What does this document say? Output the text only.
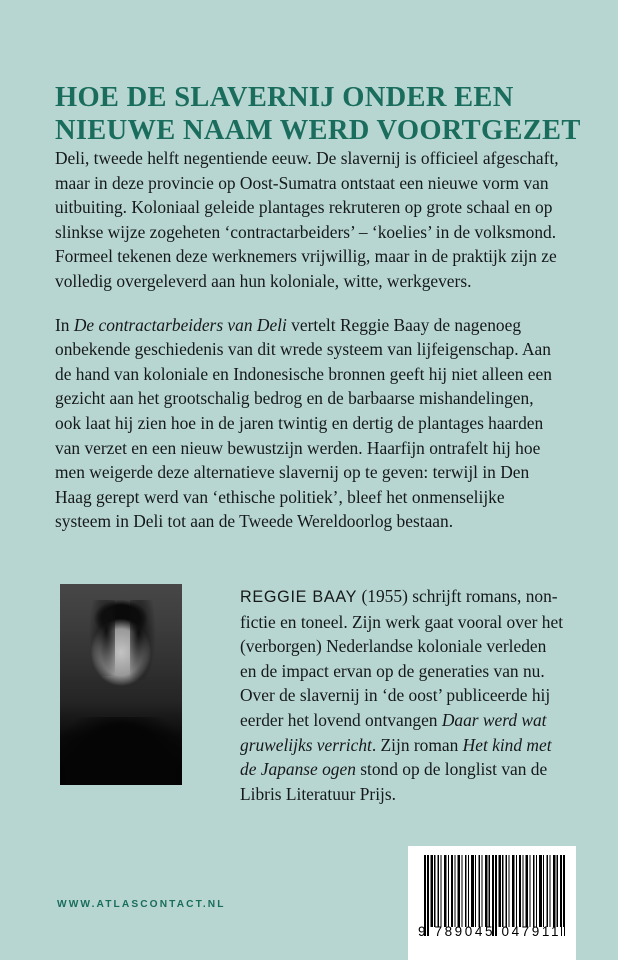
HOE DE SLAVERNIJ ONDER EEN
NIEUWE NAAM WERD VOORTGEZET

Deli, tweede helft negentiende eeuw. De slavernij is officieel afgeschaft, maar in deze provincie op Oost-Sumatra ontstaat een nieuwe vorm van uitbuiting. Koloniaal geleide plantages rekruteren op grote schaal en op slinkse wijze zogeheten ‘contractarbeiders’ – ‘koelies’ in de volksmond. Formeel tekenen deze werknemers vrijwillig, maar in de praktijk zijn ze volledig overgeleverd aan hun koloniale, witte, werkgevers.

In De contractarbeiders van Deli vertelt Reggie Baay de nagenoeg onbekende geschiedenis van dit wrede systeem van lijfeigenschap. Aan de hand van koloniale en Indonesische bronnen geeft hij niet alleen een gezicht aan het grootschalig bedrog en de barbaarse mishandelingen, ook laat hij zien hoe in de jaren twintig en dertig de plantages haarden van verzet en een nieuw bewustzijn werden. Haarfijn ontrafelt hij hoe men weigerde deze alternatieve slavernij op te geven: terwijl in Den Haag gerept werd van ‘ethische politiek’, bleef het onmenselijke systeem in Deli tot aan de Tweede Wereldoorlog bestaan.

REGGIE BAAY (1955) schrijft romans, non-fictie en toneel. Zijn werk gaat vooral over het (verborgen) Nederlandse koloniale verleden en de impact ervan op de generaties van nu. Over de slavernij in ‘de oost’ publiceerde hij eerder het lovend ontvangen Daar werd wat gruwelijks verricht. Zijn roman Het kind met de Japanse ogen stond op de longlist van de Libris Literatuur Prijs.
WWW.ATLASCONTACT.NL
9 789045 047911
